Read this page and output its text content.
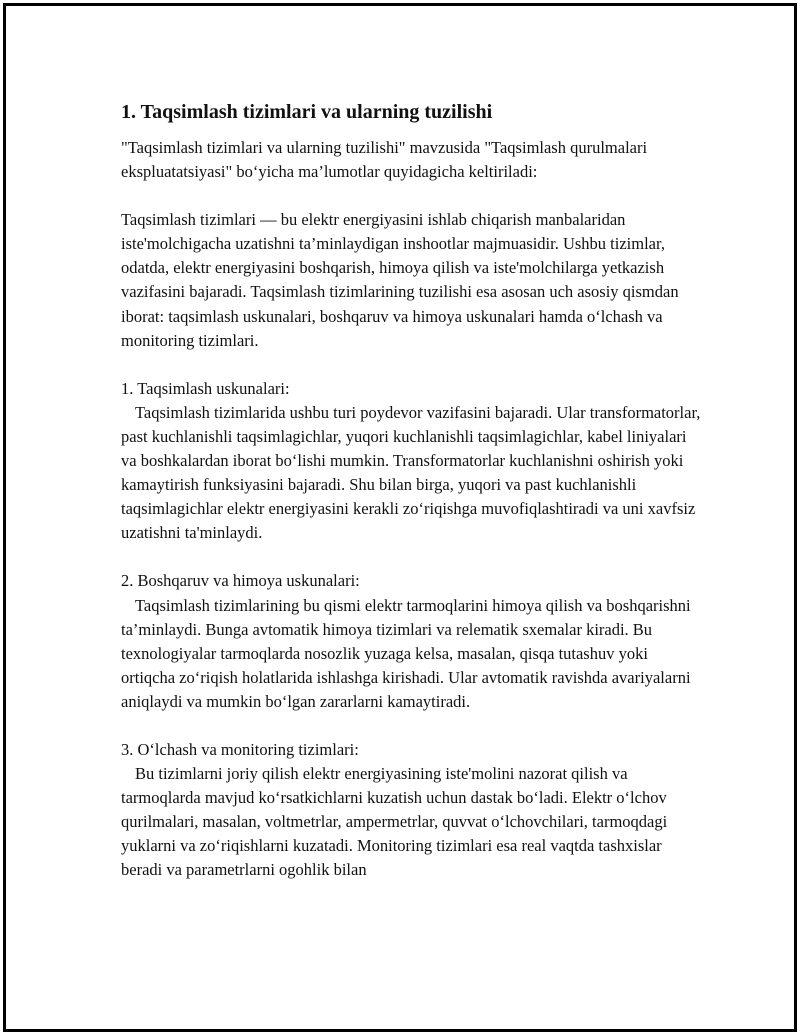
1. Taqsimlash tizimlari va ularning tuzilishi

"Taqsimlash tizimlari va ularning tuzilishi" mavzusida "Taqsimlash qurulmalari ekspluatatsiyasi" bo‘yicha ma’lumotlar quyidagicha keltiriladi:

Taqsimlash tizimlari — bu elektr energiyasini ishlab chiqarish manbalaridan iste'molchigacha uzatishni ta’minlaydigan inshootlar majmuasidir. Ushbu tizimlar, odatda, elektr energiyasini boshqarish, himoya qilish va iste'molchilarga yetkazish vazifasini bajaradi. Taqsimlash tizimlarining tuzilishi esa asosan uch asosiy qismdan iborat: taqsimlash uskunalari, boshqaruv va himoya uskunalari hamda o‘lchash va monitoring tizimlari.

1. Taqsimlash uskunalari:

Taqsimlash tizimlarida ushbu turi poydevor vazifasini bajaradi. Ular transformatorlar, past kuchlanishli taqsimlagichlar, yuqori kuchlanishli taqsimlagichlar, kabel liniyalari va boshkalardan iborat bo‘lishi mumkin. Transformatorlar kuchlanishni oshirish yoki kamaytirish funksiyasini bajaradi. Shu bilan birga, yuqori va past kuchlanishli taqsimlagichlar elektr energiyasini kerakli zo‘riqishga muvofiqlashtiradi va uni xavfsiz uzatishni ta'minlaydi.

2. Boshqaruv va himoya uskunalari:

Taqsimlash tizimlarining bu qismi elektr tarmoqlarini himoya qilish va boshqarishni ta’minlaydi. Bunga avtomatik himoya tizimlari va relematik sxemalar kiradi. Bu texnologiyalar tarmoqlarda nosozlik yuzaga kelsa, masalan, qisqa tutashuv yoki ortiqcha zo‘riqish holatlarida ishlashga kirishadi. Ular avtomatik ravishda avariyalarni aniqlaydi va mumkin bo‘lgan zararlarni kamaytiradi.

3. O‘lchash va monitoring tizimlari:

Bu tizimlarni joriy qilish elektr energiyasining iste'molini nazorat qilish va tarmoqlarda mavjud ko‘rsatkichlarni kuzatish uchun dastak bo‘ladi. Elektr o‘lchov qurilmalari, masalan, voltmetrlar, ampermetrlar, quvvat o‘lchovchilari, tarmoqdagi yuklarni va zo‘riqishlarni kuzatadi. Monitoring tizimlari esa real vaqtda tashxislar beradi va parametrlarni ogohlik bilan
